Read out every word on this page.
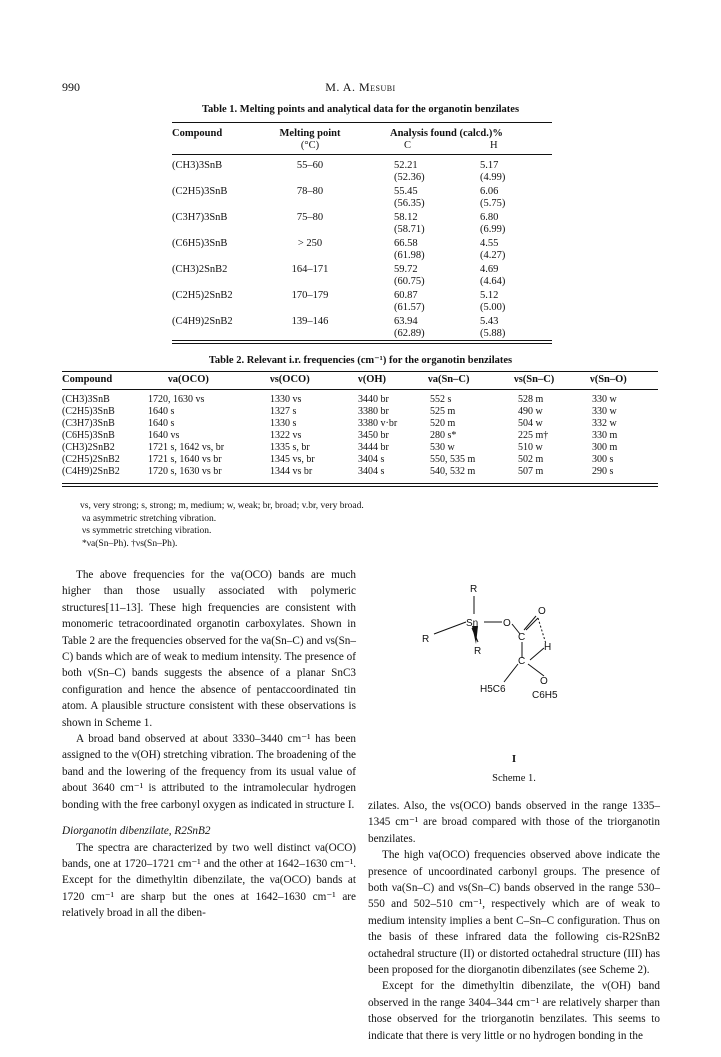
990	M. A. Mesubi
Table 1. Melting points and analytical data for the organotin benzilates
Compound	Melting point
(°C)
Analysis found (calcd.)%
C	H
(CH3)3SnB	55–60	52.21	5.17
(52.36)	(4.99)
(C2H5)3SnB	78–80	55.45	6.06
(56.35)	(5.75)
(C3H7)3SnB	75–80	58.12	6.80
(58.71)	(6.99)
(C6H5)3SnB	> 250	66.58	4.55
(61.98)	(4.27)
(CH3)2SnB2	164–171	59.72	4.69
(60.75)	(4.64)
(C2H5)2SnB2	170–179	60.87	5.12
(61.57)	(5.00)
(C4H9)2SnB2	139–146	63.94	5.43
(62.89)	(5.88)
Table 2. Relevant i.r. frequencies (cm⁻¹) for the organotin benzilates
Compound	νa(OCO)	νs(OCO)	ν(OH)	νa(Sn–C)	νs(Sn–C)	ν(Sn–O)
(CH3)3SnB	1720, 1630 vs	1330 vs	3440 br	552 s	528 m	330 w
(C2H5)3SnB	1640 s	1327 s	3380 br	525 m	490 w	330 w
(C3H7)3SnB	1640 s	1330 s	3380 v·br	520 m	504 w	332 w
(C6H5)3SnB	1640 vs	1322 vs	3450 br	280 s*	225 m†	330 m
(CH3)2SnB2	1721 s, 1642 vs, br	1335 s, br	3444 br	530 w	510 w	300 m
(C2H5)2SnB2	1721 s, 1640 vs br	1345 vs, br	3404 s	550, 535 m	502 m	300 s
(C4H9)2SnB2	1720 s, 1630 vs br	1344 vs br	3404 s	540, 532 m	507 m	290 s
vs, very strong; s, strong; m, medium; w, weak; br, broad; v.br, very broad.
νa asymmetric stretching vibration.
νs symmetric stretching vibration.
*νa(Sn–Ph). †νs(Sn–Ph).

The above frequencies for the νa(OCO) bands are much higher than those usually associated with polymeric structures[11–13]. These high frequencies are consistent with monomeric tetracoordinated organotin carboxylates. Shown in Table 2 are the frequencies observed for the νa(Sn–C) and νs(Sn–C) bands which are of weak to medium intensity. The presence of both ν(Sn–C) bands suggests the absence of a planar SnC3 configuration and hence the absence of pentaccoordinated tin atom. A plausible structure consistent with these observations is shown in Scheme 1.

A broad band observed at about 3330–3440 cm⁻¹ has been assigned to the ν(OH) stretching vibration. The broadening of the band and the lowering of the frequency from its usual value of about 3640 cm⁻¹ is attributed to the intramolecular hydrogen bonding with the free carbonyl oxygen as indicated in structure I.

Diorganotin dibenzilate, R2SnB2

The spectra are characterized by two well distinct νa(OCO) bands, one at 1720–1721 cm⁻¹ and the other at 1642–1630 cm⁻¹. Except for the dimethyltin dibenzilate, the νa(OCO) bands at 1720 cm⁻¹ are sharp but the ones at 1642–1630 cm⁻¹ are relatively broad in all the diben-

R
Sn
R
R
O
C
O
C
H
O
H5C6
C6H5
I
Scheme 1.

zilates. Also, the νs(OCO) bands observed in the range 1335–1345 cm⁻¹ are broad compared with those of the triorganotin benzilates.

The high νa(OCO) frequencies observed above indicate the presence of uncoordinated carbonyl groups. The presence of both νa(Sn–C) and νs(Sn–C) bands observed in the range 530–550 and 502–510 cm⁻¹, respectively which are of weak to medium intensity implies a bent C–Sn–C configuration. Thus on the basis of these infrared data the following cis-R2SnB2 octahedral structure (II) or distorted octahedral structure (III) has been proposed for the diorganotin dibenzilates (see Scheme 2).

Except for the dimethyltin dibenzilate, the ν(OH) band observed in the range 3404–344 cm⁻¹ are relatively sharper than those observed for the triorganotin benzilates. This seems to indicate that there is very little or no hydrogen bonding in the
